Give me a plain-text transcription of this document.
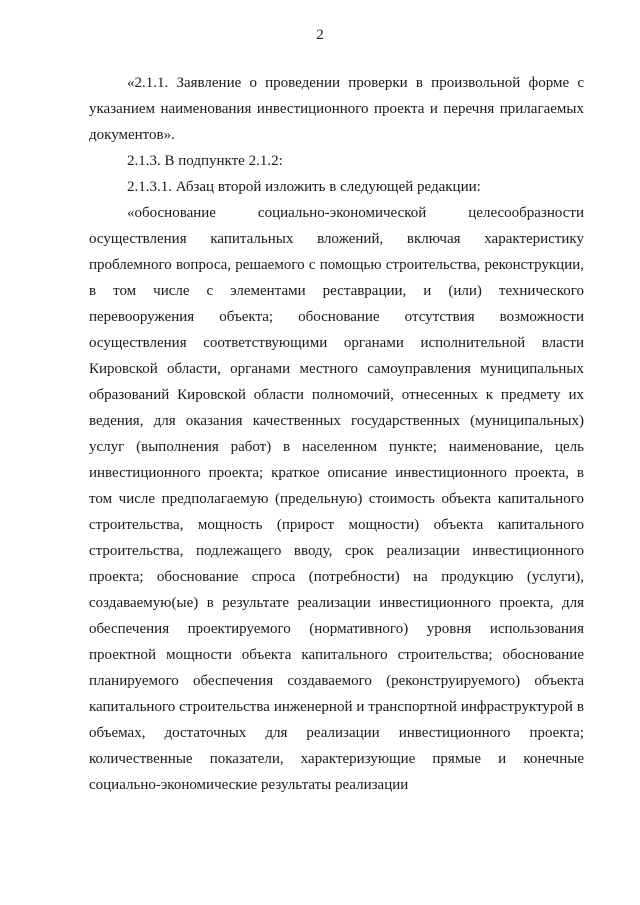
2

«2.1.1. Заявление о проведении проверки в произвольной форме с указанием наименования инвестиционного проекта и перечня прилагаемых документов».

2.1.3. В подпункте 2.1.2:

2.1.3.1. Абзац второй изложить в следующей редакции:

«обоснование социально-экономической целесообразности осуществления капитальных вложений, включая характеристику проблемного вопроса, решаемого с помощью строительства, реконструкции, в том числе с элементами реставрации, и (или) технического перевооружения объекта; обоснование отсутствия возможности осуществления соответствующими органами исполнительной власти Кировской области, органами местного самоуправления муниципальных образований Кировской области полномочий, отнесенных к предмету их ведения, для оказания качественных государственных (муниципальных) услуг (выполнения работ) в населенном пункте; наименование, цель инвестиционного проекта; краткое описание инвестиционного проекта, в том числе предполагаемую (предельную) стоимость объекта капитального строительства, мощность (прирост мощности) объекта капитального строительства, подлежащего вводу, срок реализации инвестиционного проекта; обоснование спроса (потребности) на продукцию (услуги), создаваемую(ые) в результате реализации инвестиционного проекта, для обеспечения проектируемого (нормативного) уровня использования проектной мощности объекта капитального строительства; обоснование планируемого обеспечения создаваемого (реконструируемого) объекта капитального строительства инженерной и транспортной инфраструктурой в объемах, достаточных для реализации инвестиционного проекта; количественные показатели, характеризующие прямые и конечные социально-экономические результаты реализации
